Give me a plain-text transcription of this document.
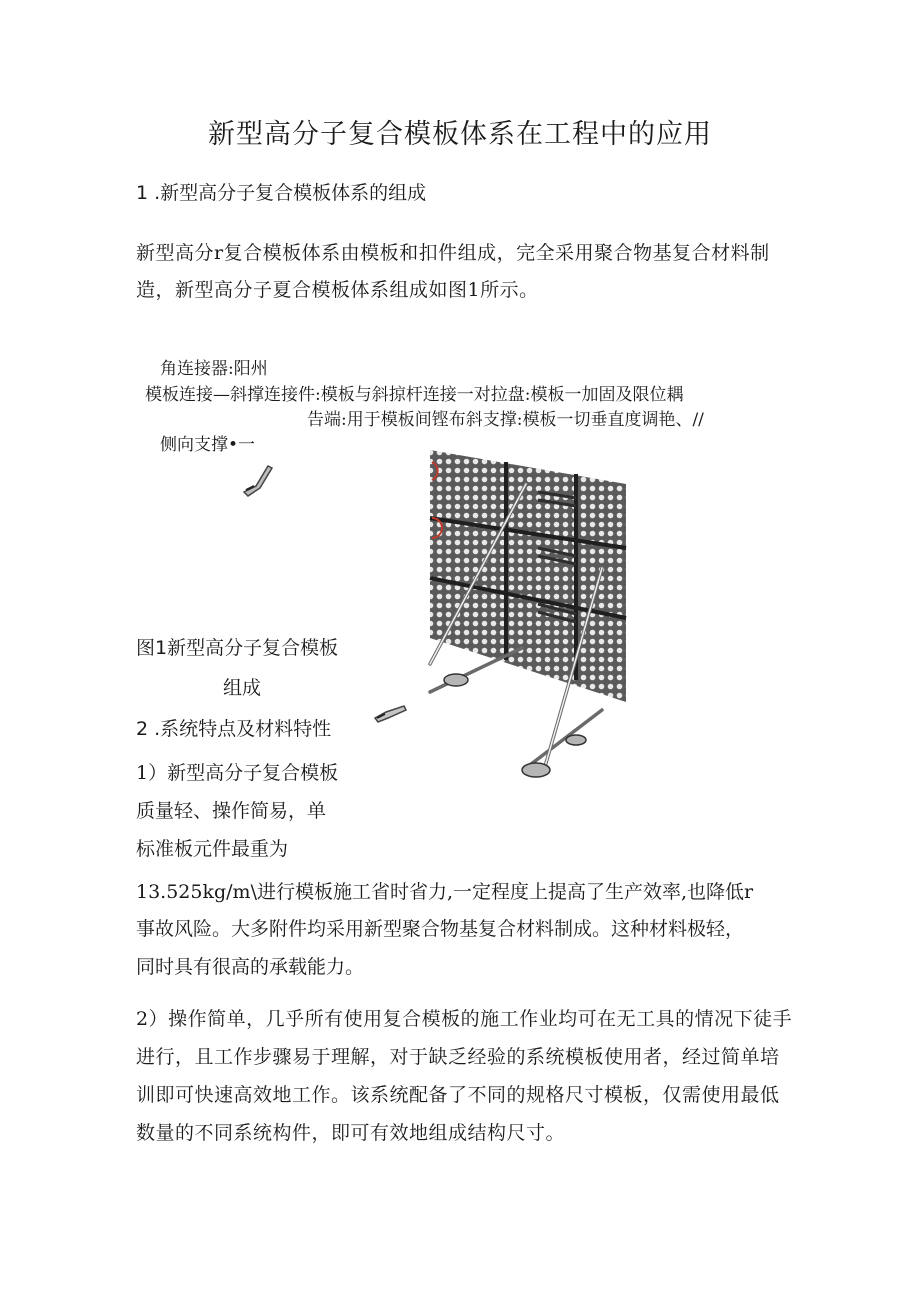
新型高分子复合模板体系在工程中的应用
1 .新型高分子复合模板体系的组成
新型高分r复合模板体系由模板和扣件组成，完全采用聚合物基复合材料制造，新型高分子夏合模板体系组成如图1所示。
角连接器:阳州
模板连接—斜撑连接件:模板与斜掠杆连接一对拉盘:模板一加固及限位耦
告端:用于模板间铿布斜支撑:模板一切垂直度调艳、//
侧向支撑•一
图1新型高分子复合模板
组成
2 .系统特点及材料特性
1）新型高分子复合模板
质量轻、操作简易，单
标准板元件最重为
13.525kg∕m\进行模板施工省时省力,一定程度上提高了生产效率,也降低r
事故风险。大多附件均采用新型聚合物基复合材料制成。这种材料极轻，
同时具有很高的承载能力。
2）操作简单，几乎所有使用复合模板的施工作业均可在无工具的情况下徒手进行，且工作步骤易于理解，对于缺乏经验的系统模板使用者，经过简单培训即可快速高效地工作。该系统配备了不同的规格尺寸模板，仅需使用最低数量的不同系统构件，即可有效地组成结构尺寸。
